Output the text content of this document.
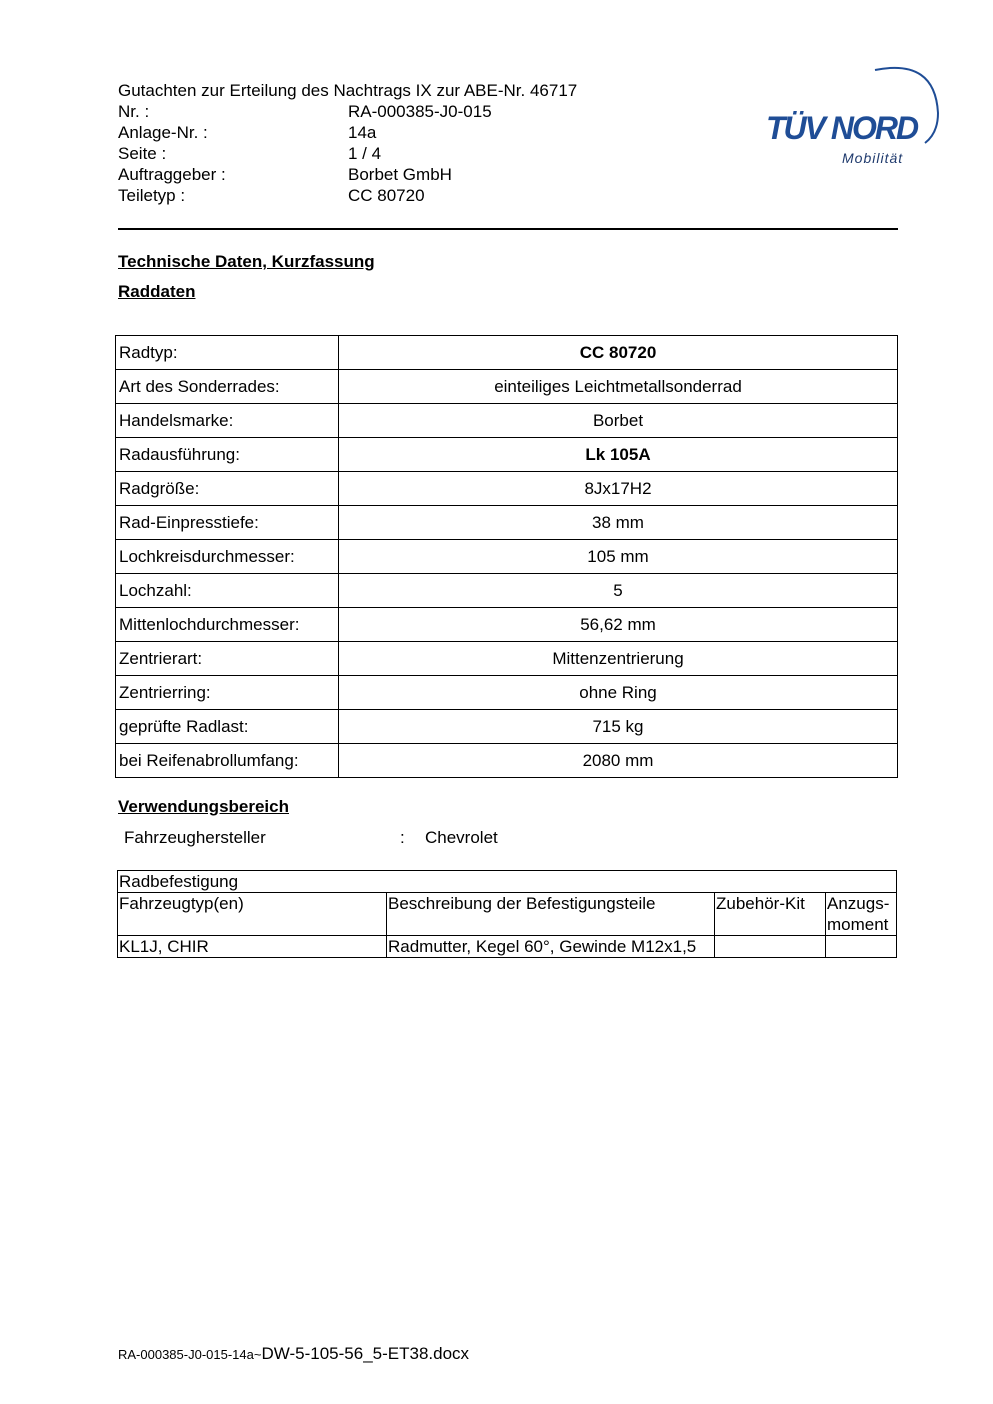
Gutachten zur Erteilung des Nachtrags IX zur ABE-Nr. 46717
Nr. :	RA-000385-J0-015
Anlage-Nr. :	14a
Seite :	1 / 4
Auftraggeber :	Borbet GmbH
Teiletyp :	CC 80720
TÜV NORD
Mobilität
Technische Daten, Kurzfassung
Raddaten
Radtyp:	CC 80720
Art des Sonderrades:	einteiliges Leichtmetallsonderrad
Handelsmarke:	Borbet
Radausführung:	Lk 105A
Radgröße:	8Jx17H2
Rad-Einpresstiefe:	38 mm
Lochkreisdurchmesser:	105 mm
Lochzahl:	5
Mittenlochdurchmesser:	56,62 mm
Zentrierart:	Mittenzentrierung
Zentrierring:	ohne Ring
geprüfte Radlast:	715 kg
bei Reifenabrollumfang:	2080 mm
Verwendungsbereich
Fahrzeughersteller	:	Chevrolet
Radbefestigung			
Fahrzeugtyp(en)	Beschreibung der Befestigungsteile	Zubehör-Kit	Anzugs-
moment
KL1J, CHIR	Radmutter, Kegel 60°, Gewinde M12x1,5		
RA-000385-J0-015-14a~DW-5-105-56_5-ET38.docx
